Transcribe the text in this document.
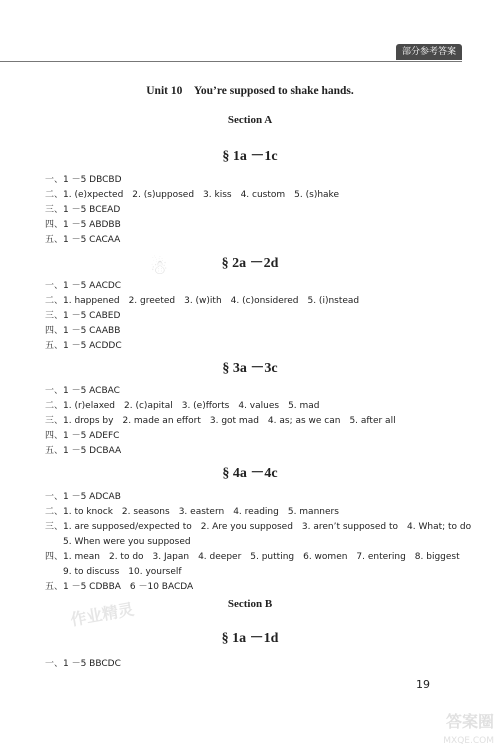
部分参考答案
Unit 10　You’re supposed to shake hands.
Section A
§ 1a －1c
一、1 －5 DBCBD
二、1. (e)xpected　2. (s)upposed　3. kiss　4. custom　5. (s)hake
三、1 －5 BCEAD
四、1 －5 ABDBB
五、1 －5 CACAA
§ 2a －2d
一、1 －5 AACDC
二、1. happened　2. greeted　3. (w)ith　4. (c)onsidered　5. (i)nstead
三、1 －5 CABED
四、1 －5 CAABB
五、1 －5 ACDDC
§ 3a －3c
一、1 －5 ACBAC
二、1. (r)elaxed　2. (c)apital　3. (e)fforts　4. values　5. mad
三、1. drops by　2. made an effort　3. got mad　4. as; as we can　5. after all
四、1 －5 ADEFC
五、1 －5 DCBAA
§ 4a －4c
一、1 －5 ADCAB
二、1. to knock　2. seasons　3. eastern　4. reading　5. manners
三、1. are supposed/expected to　2. Are you supposed　3. aren’t supposed to　4. What; to do
　　5. When were you supposed
四、1. mean　2. to do　3. Japan　4. deeper　5. putting　6. women　7. entering　8. biggest
　　9. to discuss　10. yourself
五、1 －5 CDBBA　6 －10 BACDA
Section B
§ 1a －1d
一、1 －5 BBCDC
19
☃
作业精灵
答案圈
MXQE.COM
